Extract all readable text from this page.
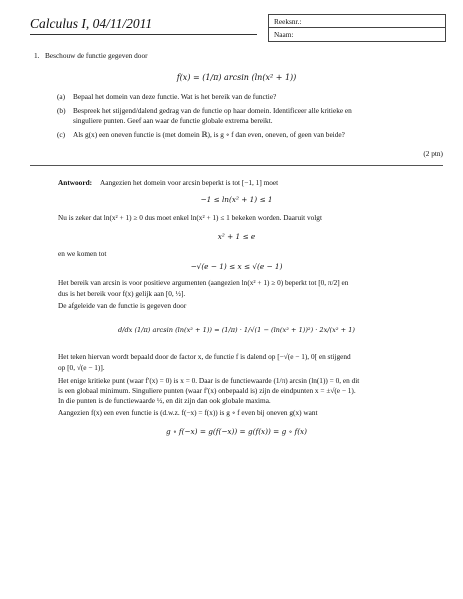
Calculus I, 04/11/2011	Reeksnr.:
Naam:
1. Beschouw de functie gegeven door
f(x) = (1/π) arcsin (ln(x² + 1))
(a) Bepaal het domein van deze functie. Wat is het bereik van de functie?
(b) Bespreek het stijgend/dalend gedrag van de functie op haar domein. Identificeer alle kritieke en
singuliere punten. Geef aan waar de functie globale extrema bereikt.
(c) Als g(x) een oneven functie is (met domein ℝ), is g ∘ f dan even, oneven, of geen van beide?
(2 ptn)
Antwoord: Aangezien het domein voor arcsin beperkt is tot [−1, 1] moet
−1 ≤ ln(x² + 1) ≤ 1
Nu is zeker dat ln(x² + 1) ≥ 0 dus moet enkel ln(x² + 1) ≤ 1 bekeken worden. Daaruit volgt
x² + 1 ≤ e
en we komen tot
−√(e − 1) ≤ x ≤ √(e − 1)
Het bereik van arcsin is voor positieve argumenten (aangezien ln(x² + 1) ≥ 0) beperkt tot [0, π/2] en
dus is het bereik voor f(x) gelijk aan [0, ½].
De afgeleide van de functie is gegeven door
d/dx (1/π) arcsin (ln(x² + 1)) = (1/π) · 1/√(1 − (ln(x² + 1))²) · 2x/(x² + 1)
Het teken hiervan wordt bepaald door de factor x, de functie f is dalend op [−√(e − 1), 0[ en stijgend
op [0, √(e − 1)].
Het enige kritieke punt (waar f′(x) = 0) is x = 0. Daar is de functiewaarde (1/π) arcsin (ln(1)) = 0, en dit
is een globaal minimum. Singuliere punten (waar f′(x) onbepaald is) zijn de eindpunten x = ±√(e − 1).
In die punten is de functiewaarde ½, en dit zijn dan ook globale maxima.
Aangezien f(x) een even functie is (d.w.z. f(−x) = f(x)) is g ∘ f even bij oneven g(x) want
g ∘ f(−x) = g(f(−x)) = g(f(x)) = g ∘ f(x)
